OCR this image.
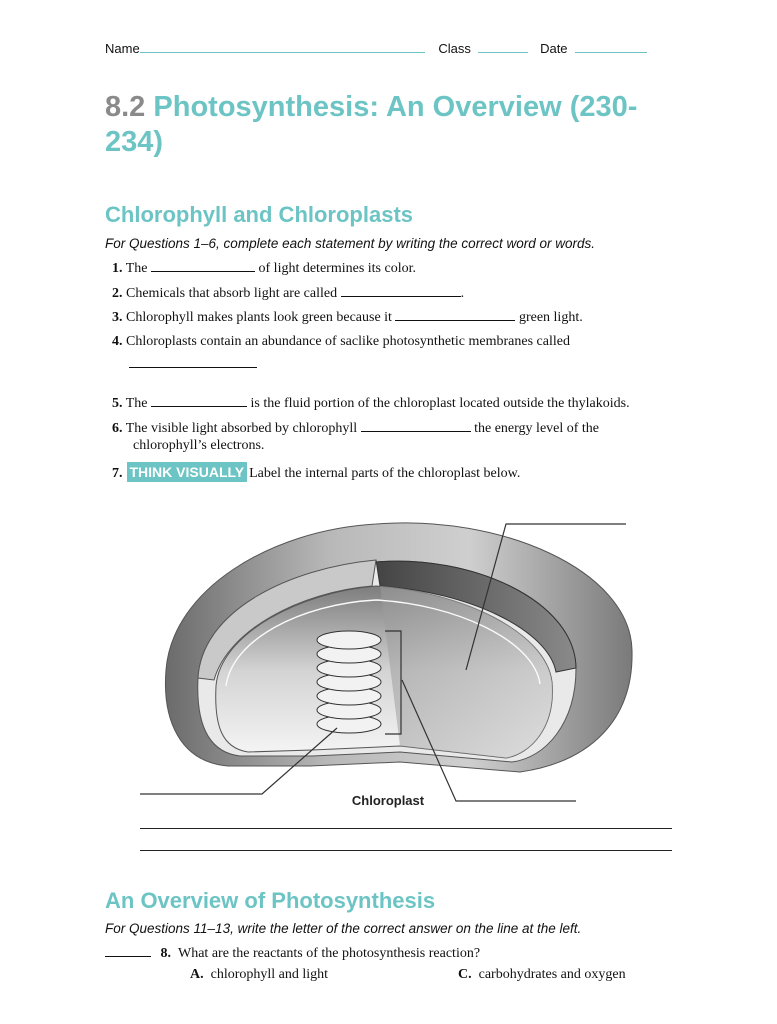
Name	Class	Date
8.2 Photosynthesis: An Overview (230-234)
Chlorophyll and Chloroplasts
For Questions 1–6, complete each statement by writing the correct word or words.
1. The	of light determines its color.
2. Chemicals that absorb light are called	.
3. Chlorophyll makes plants look green because it	green light.
4. Chloroplasts contain an abundance of saclike photosynthetic membranes called
5. The	is the fluid portion of the chloroplast located outside the thylakoids.
6. The visible light absorbed by chlorophyll	the energy level of the
chlorophyll’s electrons.
7. THINK VISUALLY Label the internal parts of the chloroplast below.
Chloroplast
An Overview of Photosynthesis
For Questions 11–13, write the letter of the correct answer on the line at the left.
8. What are the reactants of the photosynthesis reaction?
A. chlorophyll and light	C. carbohydrates and oxygen
